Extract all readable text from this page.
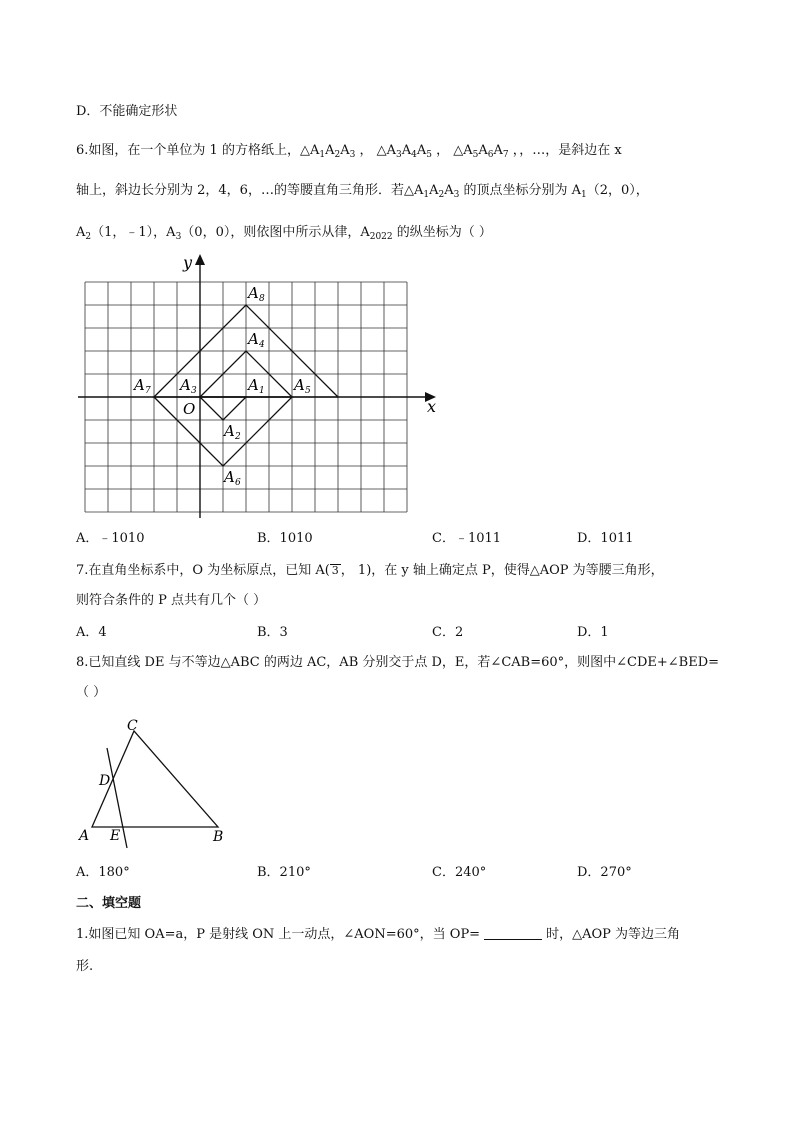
D．不能确定形状
6.如图，在一个单位为 1 的方格纸上，$\triangle A_1A_2A_3$ ， $\triangle A_3A_4A_5$ ， $\triangle A_5A_6A_7$ ，，…，是斜边在 x
轴上，斜边长分别为 2，4，6，…的等腰直角三角形．若$\triangle A_1A_2A_3$ 的顶点坐标分别为 $A_1(2$，0），
$A_2(1$，﹣1），$A_3(0$，0），则依图中所示从律，$A_{2022}$ 的纵坐标为（ ）
y
x
O
A 1
A 2
A 3
A 4
A 5
A 6
A 7
A 8
C
D
A E	B
A．﹣1010	B．1010	C．﹣1011	D．1011
7.在直角坐标系中，O 为坐标原点，已知 A( 3 ， 1)，在 y 轴上确定点 P，使得△AOP 为等腰三角形，
则符合条件的 P 点共有几个（ ）
A．4	B．3	C．2	D．1
8.已知直线 DE 与不等边△ABC 的两边 AC，AB 分别交于点 D，E，若∠CAB=60°，则图中∠CDE+∠BED=
（ ）
A．180°	B．210°	C．240°	D．270°
二、填空题
1.如图已知 OA=a，P 是射线 ON 上一动点，∠AON=60°，当 OP=	时，△AOP 为等边三角
形.
